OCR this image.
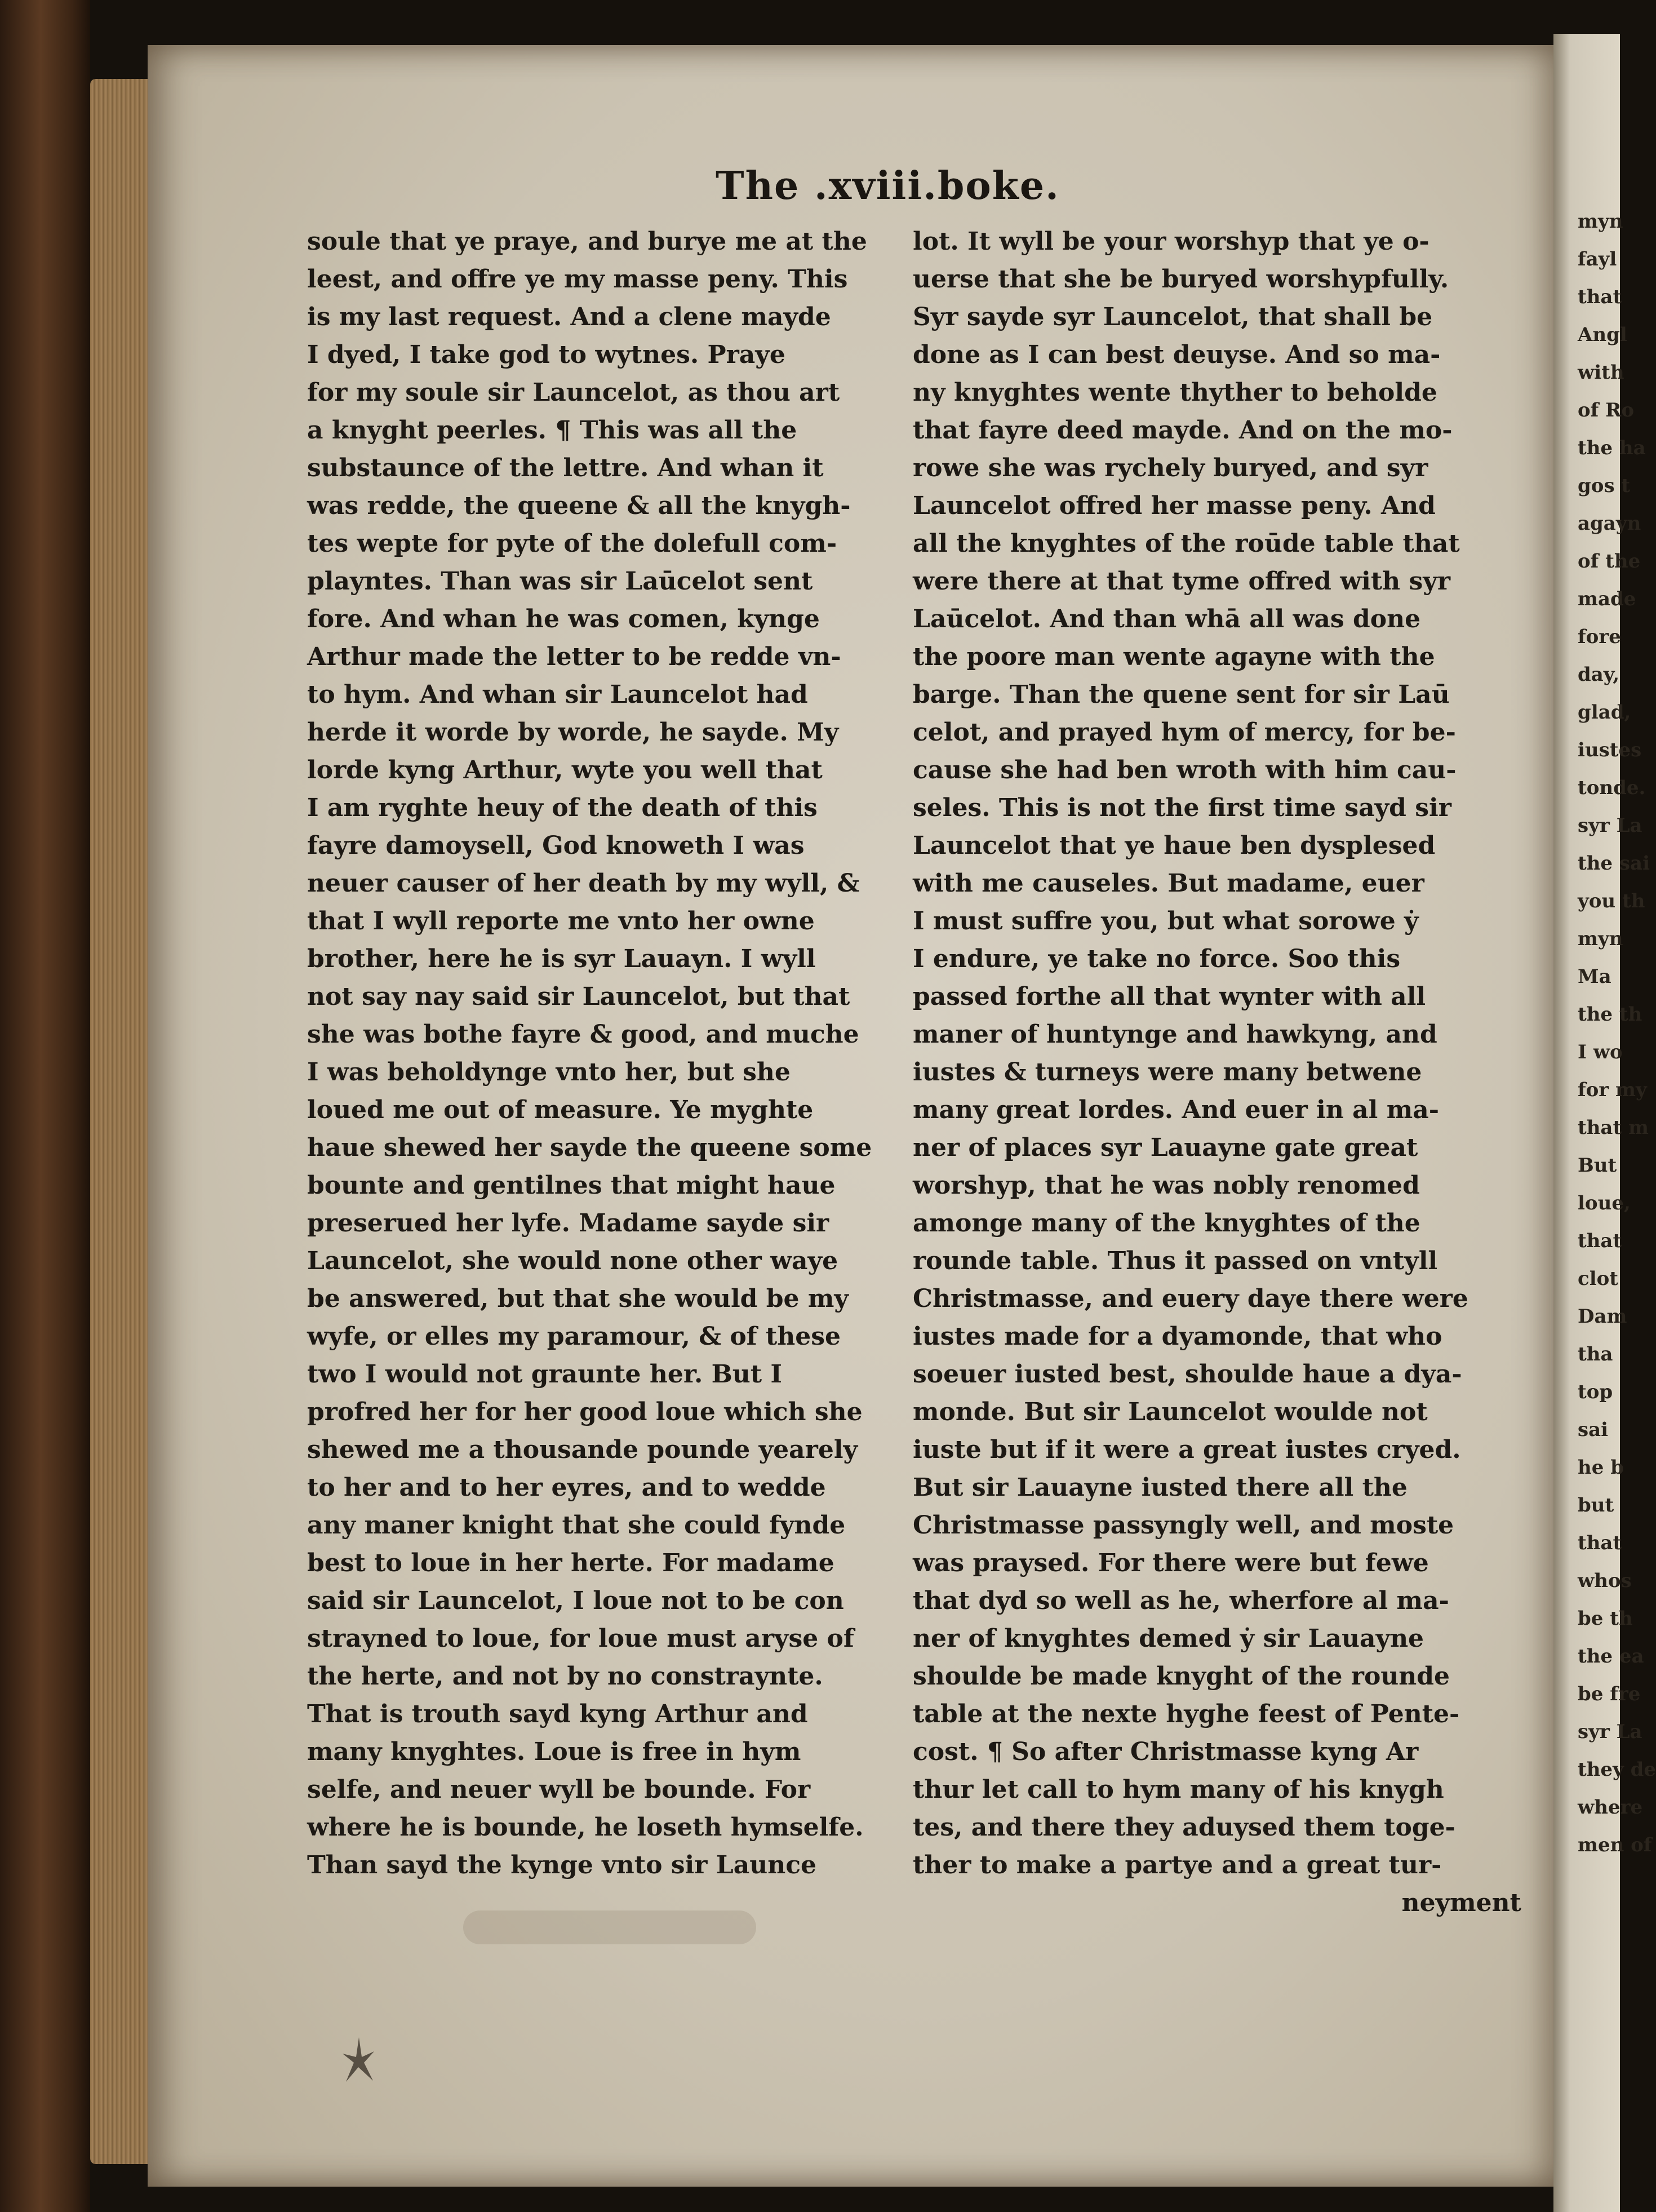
The .xviii.boke.
soule that ye praye, and burye me at the
leest, and offre ye my masse peny. This
is my last request. And a clene mayde
I dyed, I take god to wytnes. Praye
for my soule sir Launcelot, as thou art
a knyght peerles. ¶ This was all the
substaunce of the lettre. And whan it
was redde, the queene & all the knygh-
tes wepte for pyte of the dolefull com-
playntes. Than was sir Laūcelot sent
fore. And whan he was comen, kynge
Arthur made the letter to be redde vn-
to hym. And whan sir Launcelot had
herde it worde by worde, he sayde. My
lorde kyng Arthur, wyte you well that
I am ryghte heuy of the death of this
fayre damoysell, God knoweth I was
neuer causer of her death by my wyll, &
that I wyll reporte me vnto her owne
brother, here he is syr Lauayn. I wyll
not say nay said sir Launcelot, but that
she was bothe fayre & good, and muche
I was beholdynge vnto her, but she
loued me out of measure. Ye myghte
haue shewed her sayde the queene some
bounte and gentilnes that might haue
preserued her lyfe. Madame sayde sir
Launcelot, she would none other waye
be answered, but that she would be my
wyfe, or elles my paramour, & of these
two I would not graunte her. But I
profred her for her good loue which she
shewed me a thousande pounde yearely
to her and to her eyres, and to wedde
any maner knight that she could fynde
best to loue in her herte. For madame
said sir Launcelot, I loue not to be con
strayned to loue, for loue must aryse of
the herte, and not by no constraynte.
That is trouth sayd kyng Arthur and
many knyghtes. Loue is free in hym
selfe, and neuer wyll be bounde. For
where he is bounde, he loseth hymselfe.
Than sayd the kynge vnto sir Launce
lot. It wyll be your worshyp that ye o-
uerse that she be buryed worshypfully.
Syr sayde syr Launcelot, that shall be
done as I can best deuyse. And so ma-
ny knyghtes wente thyther to beholde
that fayre deed mayde. And on the mo-
rowe she was rychely buryed, and syr
Launcelot offred her masse peny. And
all the knyghtes of the roūde table that
were there at that tyme offred with syr
Laūcelot. And than whā all was done
the poore man wente agayne with the
barge. Than the quene sent for sir Laū
celot, and prayed hym of mercy, for be-
cause she had ben wroth with him cau-
seles. This is not the first time sayd sir
Launcelot that ye haue ben dysplesed
with me causeles. But madame, euer
I must suffre you, but what sorowe ẏ
I endure, ye take no force. Soo this
passed forthe all that wynter with all
maner of huntynge and hawkyng, and
iustes & turneys were many betwene
many great lordes. And euer in al ma-
ner of places syr Lauayne gate great
worshyp, that he was nobly renomed
amonge many of the knyghtes of the
rounde table. Thus it passed on vntyll
Christmasse, and euery daye there were
iustes made for a dyamonde, that who
soeuer iusted best, shoulde haue a dya-
monde. But sir Launcelot woulde not
iuste but if it were a great iustes cryed.
But sir Lauayne iusted there all the
Christmasse passyngly well, and moste
was praysed. For there were but fewe
that dyd so well as he, wherfore al ma-
ner of knyghtes demed ẏ sir Lauayne
shoulde be made knyght of the rounde
table at the nexte hyghe feest of Pente-
cost. ¶ So after Christmasse kyng Ar
thur let call to hym many of his knygh
tes, and there they aduysed them toge-
ther to make a partye and a great tur-
neyment
myn
fayl
that
Angl
with
of Ro
the ha
gos t
agayn
of the
made
fore
day,
glad,
iustes
tonde.
syr La
the sai
you th
myn
Ma
the th
I wo
for my
that m
But
loue,
that
clot
Dam
tha
top
sai
he b
but
that
whos
be th
the ea
be fre
syr La
they de
where
men of
